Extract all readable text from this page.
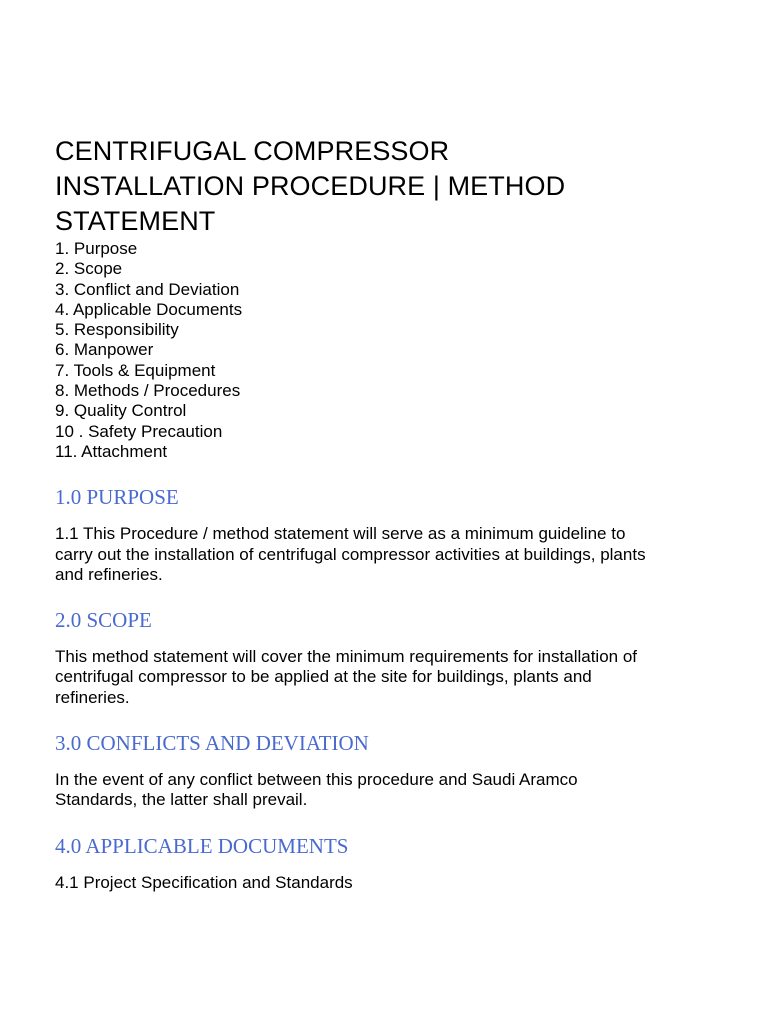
CENTRIFUGAL COMPRESSOR
INSTALLATION PROCEDURE | METHOD
STATEMENT
1. Purpose
2. Scope
3. Conflict and Deviation
4. Applicable Documents
5. Responsibility
6. Manpower
7. Tools & Equipment
8. Methods / Procedures
9. Quality Control
10 . Safety Precaution
11. Attachment
1.0 PURPOSE
1.1 This Procedure / method statement will serve as a minimum guideline to
carry out the installation of centrifugal compressor activities at buildings, plants
and refineries.
2.0 SCOPE
This method statement will cover the minimum requirements for installation of
centrifugal compressor to be applied at the site for buildings, plants and
refineries.
3.0 CONFLICTS AND DEVIATION
In the event of any conflict between this procedure and Saudi Aramco
Standards, the latter shall prevail.
4.0 APPLICABLE DOCUMENTS
4.1 Project Specification and Standards
